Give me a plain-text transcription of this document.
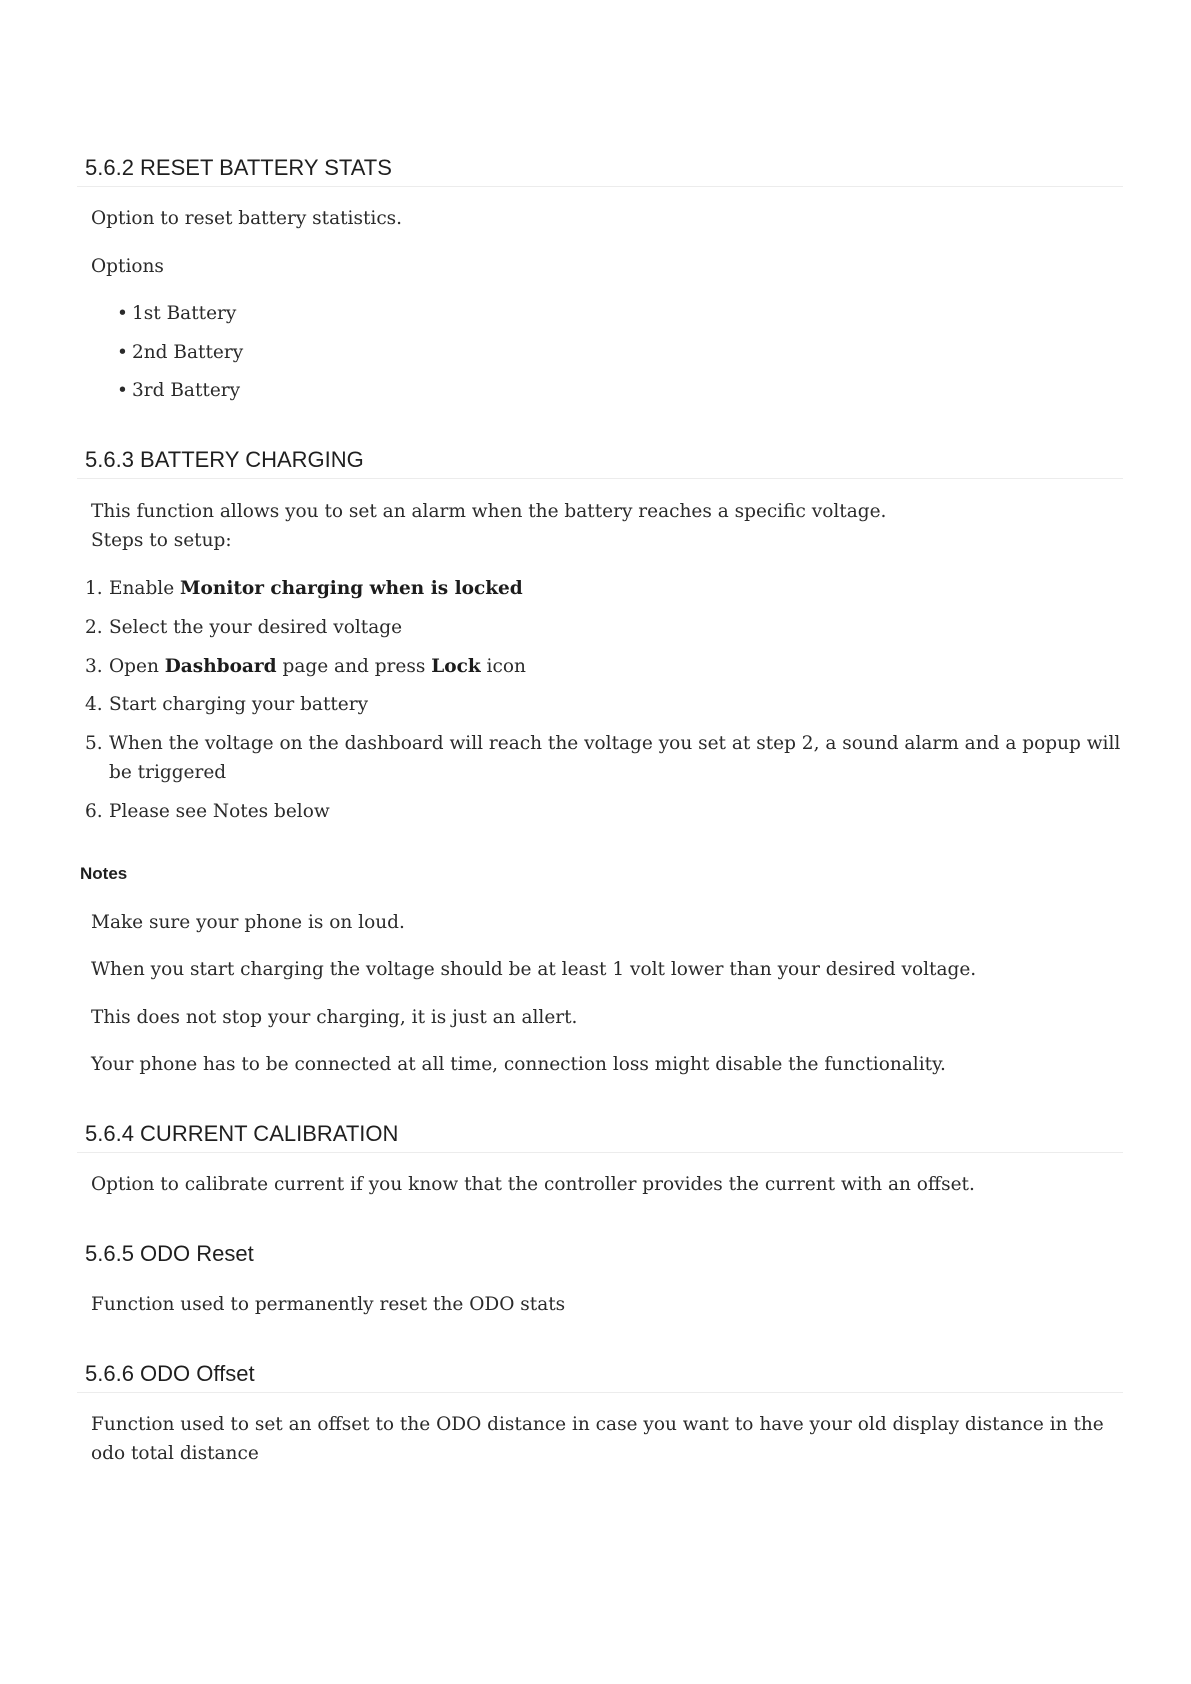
5.6.2 RESET BATTERY STATS

Option to reset battery statistics.

Options

• 1st Battery
• 2nd Battery
• 3rd Battery
5.6.3 BATTERY CHARGING

This function allows you to set an alarm when the battery reaches a specific voltage.

Steps to setup:

1. Enable Monitor charging when is locked
2. Select the your desired voltage
3. Open Dashboard page and press Lock icon
4. Start charging your battery
5. When the voltage on the dashboard will reach the voltage you set at step 2, a sound alarm and a popup will be triggered
6. Please see Notes below
Notes

Make sure your phone is on loud.

When you start charging the voltage should be at least 1 volt lower than your desired voltage.

This does not stop your charging, it is just an allert.

Your phone has to be connected at all time, connection loss might disable the functionality.

5.6.4 CURRENT CALIBRATION

Option to calibrate current if you know that the controller provides the current with an offset.

5.6.5 ODO Reset

Function used to permanently reset the ODO stats

5.6.6 ODO Offset

Function used to set an offset to the ODO distance in case you want to have your old display distance in the odo total distance
